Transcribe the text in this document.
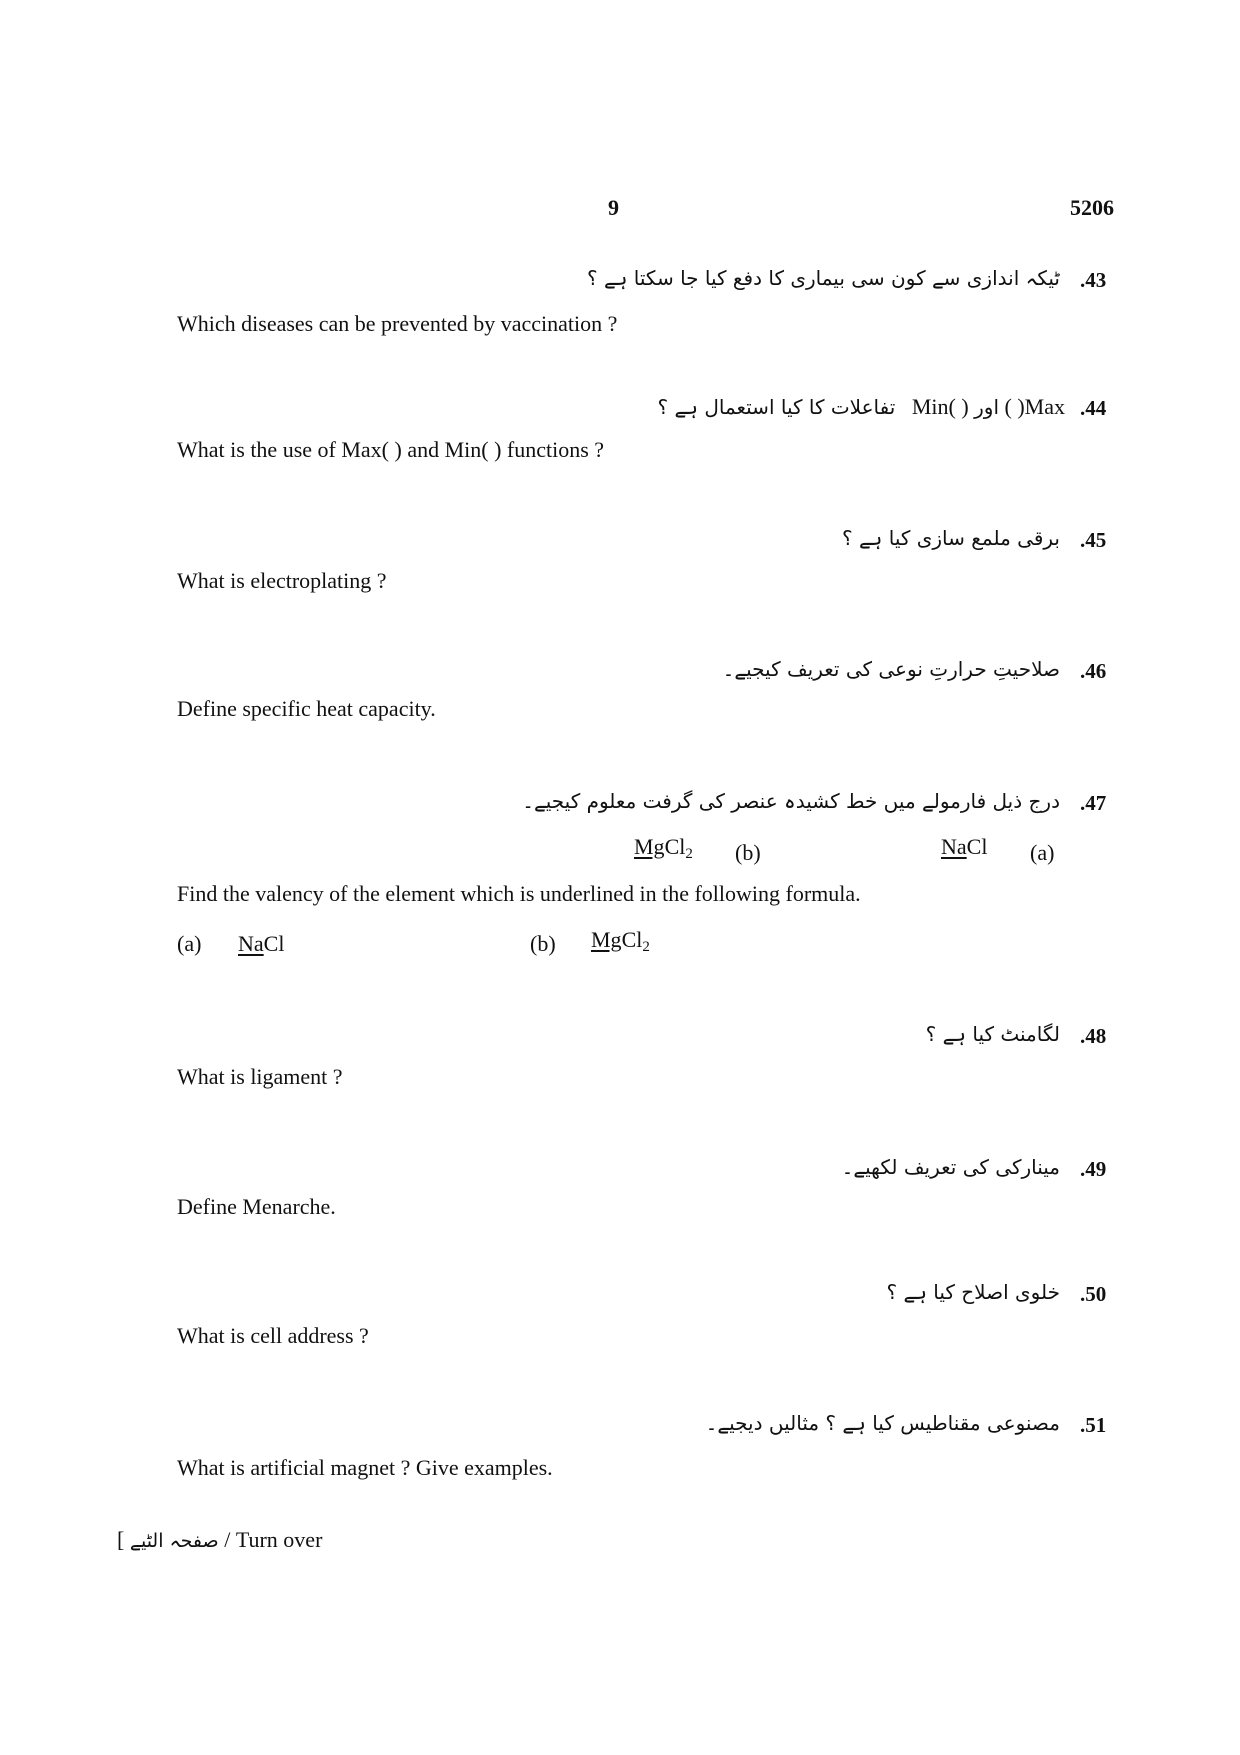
9	5206
.43
ٹیکہ اندازی سے کون سی بیماری کا دفع کیا جا سکتا ہے ؟
Which diseases can be prevented by vaccination ?
.44
تفاعلات کا کیا استعمال ہے ؟ Min( ) اور ( )Max
What is the use of Max( ) and Min( ) functions ?
.45
برقی ملمع سازی کیا ہے ؟
What is electroplating ?
.46
صلاحیتِ حرارتِ نوعی کی تعریف کیجیے۔
Define specific heat capacity.
.47
درج ذیل فارمولے میں خط کشیدہ عنصر کی گرفت معلوم کیجیے۔
(a)
NaCl
(b)
MgCl$_2$
Find the valency of the element which is underlined in the following formula.
(a) NaCl	(b) MgCl$_2$
.48
لگامنٹ کیا ہے ؟
What is ligament ?
.49
مینارکی کی تعریف لکھیے۔
Define Menarche.
.50
خلوی اصلاح کیا ہے ؟
What is cell address ?
.51
مصنوعی مقناطیس کیا ہے ؟ مثالیں دیجیے۔
What is artificial magnet ? Give examples.
[ صفحہ الٹیے / Turn over
